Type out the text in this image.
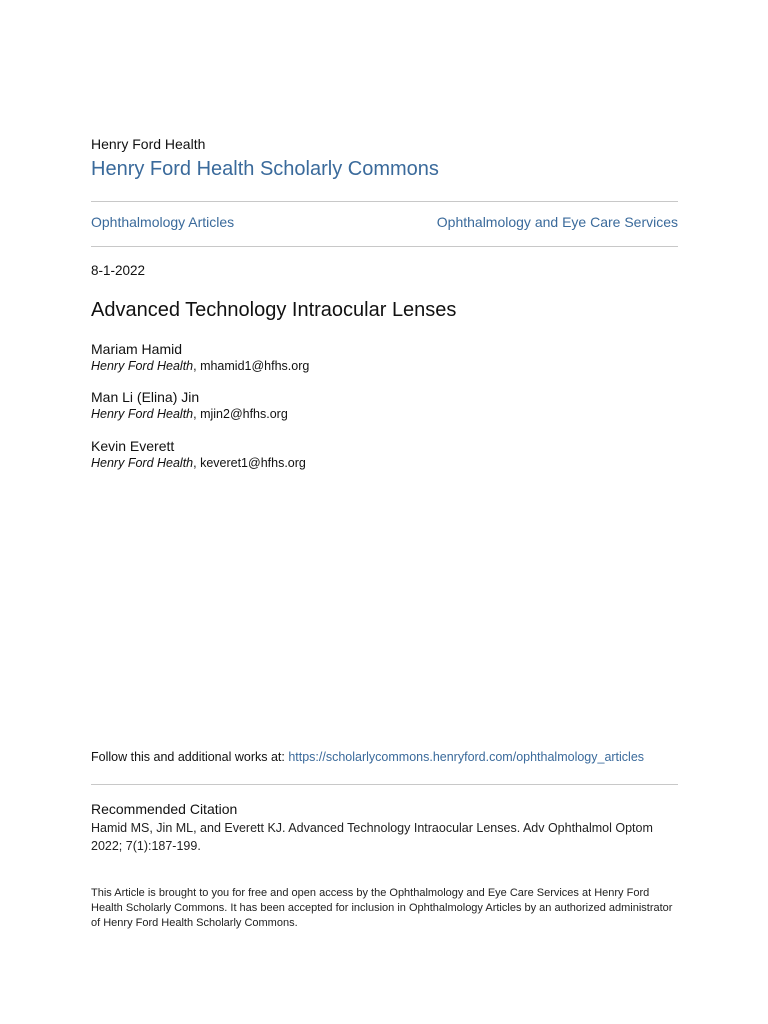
Henry Ford Health
Henry Ford Health Scholarly Commons
Ophthalmology Articles	Ophthalmology and Eye Care Services
8-1-2022
Advanced Technology Intraocular Lenses
Mariam Hamid
Henry Ford Health, mhamid1@hfhs.org
Man Li (Elina) Jin
Henry Ford Health, mjin2@hfhs.org
Kevin Everett
Henry Ford Health, keveret1@hfhs.org
Follow this and additional works at: https://scholarlycommons.henryford.com/ophthalmology_articles
Recommended Citation
Hamid MS, Jin ML, and Everett KJ. Advanced Technology Intraocular Lenses. Adv Ophthalmol Optom 2022; 7(1):187-199.
This Article is brought to you for free and open access by the Ophthalmology and Eye Care Services at Henry Ford Health Scholarly Commons. It has been accepted for inclusion in Ophthalmology Articles by an authorized administrator of Henry Ford Health Scholarly Commons.
